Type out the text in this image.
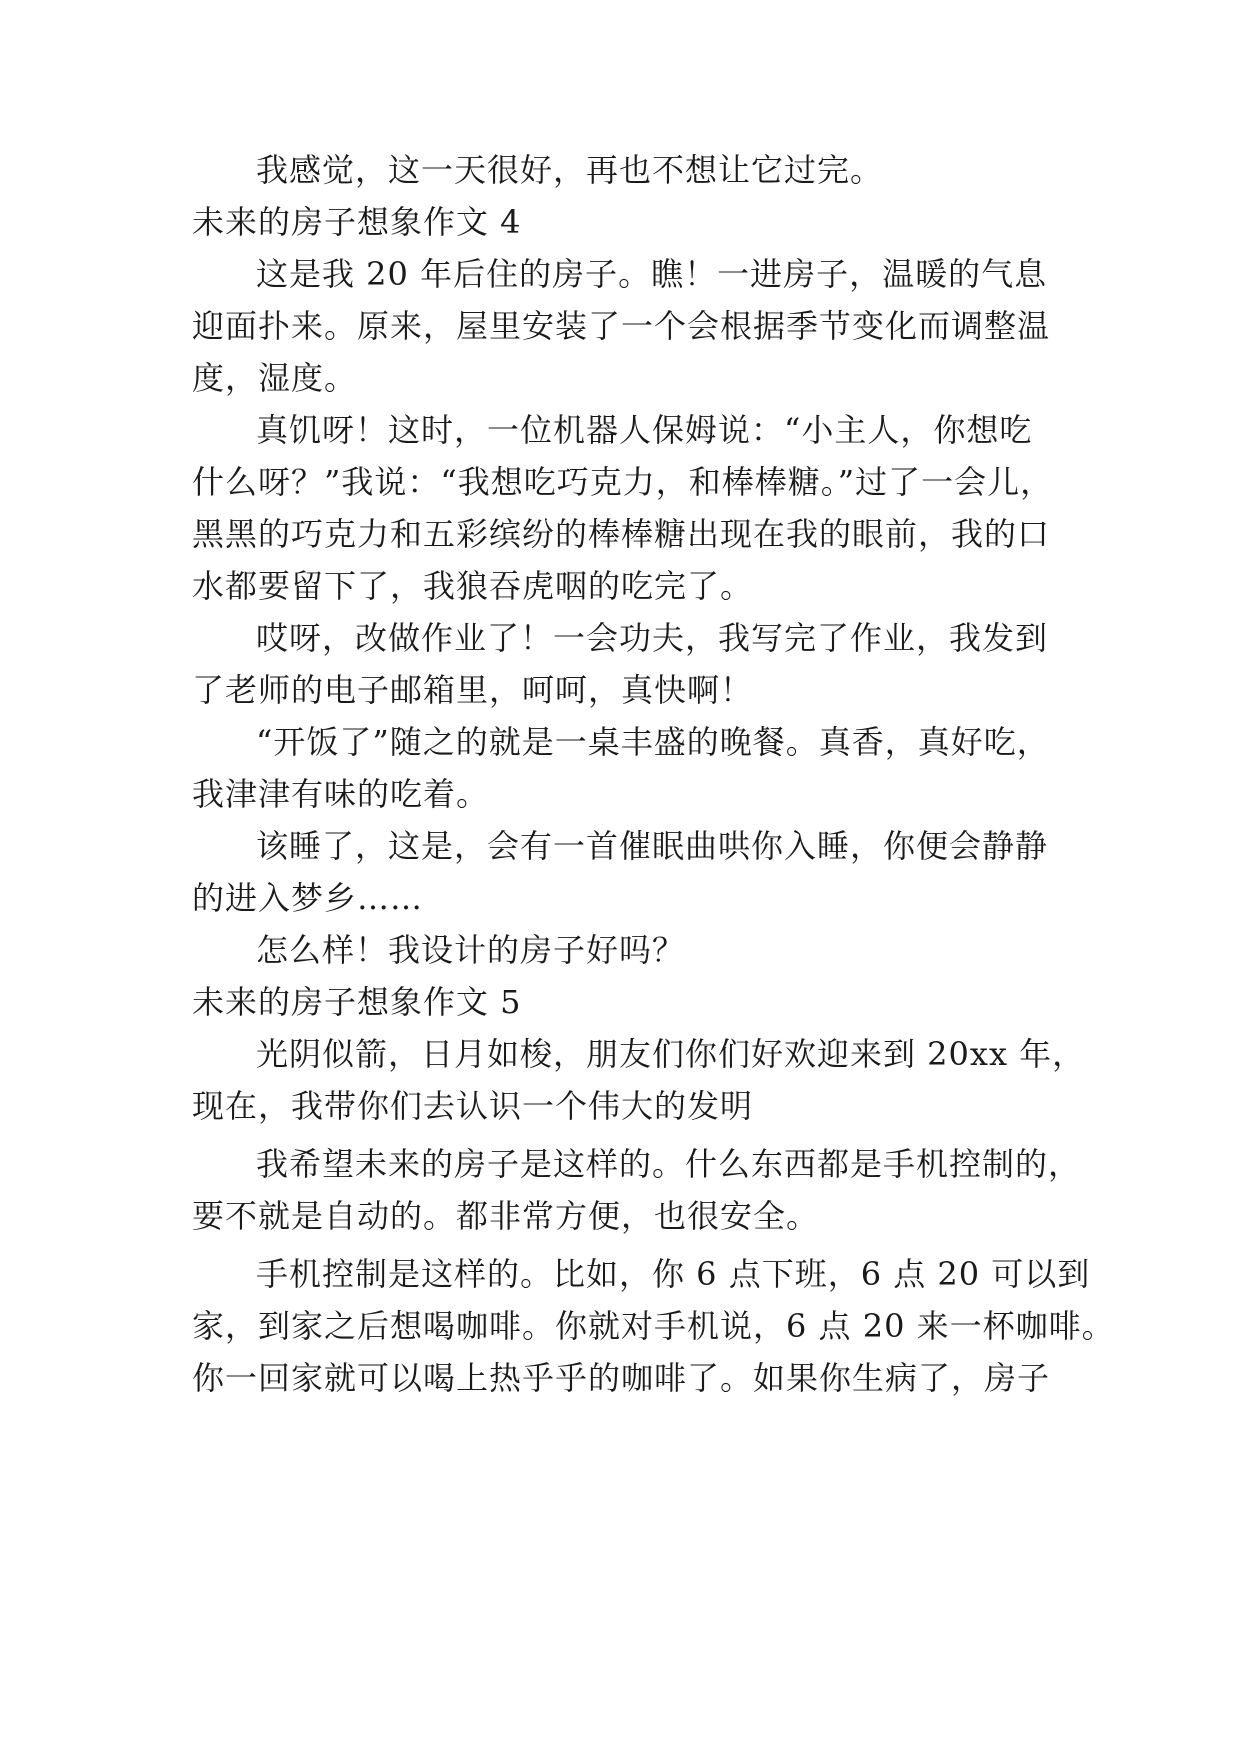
我感觉，这一天很好，再也不想让它过完。
未来的房子想象作文 4
这是我 20 年后住的房子。瞧！一进房子，温暖的气息
迎面扑来。原来，屋里安装了一个会根据季节变化而调整温
度，湿度。
真饥呀！这时，一位机器人保姆说：“小主人，你想吃
什么呀？”我说：“我想吃巧克力，和棒棒糖。”过了一会儿，
黑黑的巧克力和五彩缤纷的棒棒糖出现在我的眼前，我的口
水都要留下了，我狼吞虎咽的吃完了。
哎呀，改做作业了！一会功夫，我写完了作业，我发到
了老师的电子邮箱里，呵呵，真快啊！
“开饭了”随之的就是一桌丰盛的晚餐。真香，真好吃，
我津津有味的吃着。
该睡了，这是，会有一首催眠曲哄你入睡，你便会静静
的进入梦乡……
怎么样！我设计的房子好吗？
未来的房子想象作文 5
光阴似箭，日月如梭，朋友们你们好欢迎来到 20xx 年，
现在，我带你们去认识一个伟大的发明
我希望未来的房子是这样的。什么东西都是手机控制的，
要不就是自动的。都非常方便，也很安全。
手机控制是这样的。比如，你 6 点下班，6 点 20 可以到
家，到家之后想喝咖啡。你就对手机说，6 点 20 来一杯咖啡。
你一回家就可以喝上热乎乎的咖啡了。如果你生病了，房子
